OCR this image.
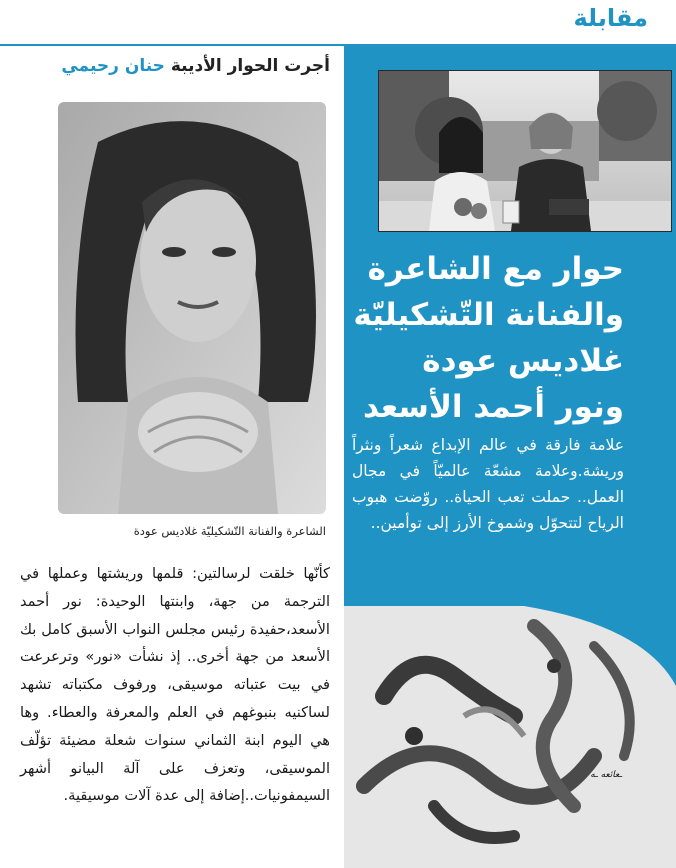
مقابلة
أجرت الحوار الأديبة حنان رحيمي
حوار مع الشاعرة
والفنانة التّشكيليّة
غلاديس عودة
ونور أحمد الأسعد
علامة فارقة في عالم الإبداع شعراً ونثراً وريشة.وعلامة مشعّة عالميّاً في مجال العمل.. حملت تعب الحياة.. روّضت هبوب الرياح لتتحوّل وشموخ الأرز إلى توأمين..
ـعائعه ـه
الشاعرة والفنانة التّشكيليّة غلاديس عودة
كأنّها خلقت لرسالتين: قلمها وريشتها وعملها في الترجمة من جهة، وابنتها الوحيدة: نور أحمد الأسعد،حفيدة رئيس مجلس النواب الأسبق كامل بك الأسعد من جهة أخرى.. إذ نشأت «نور» وترعرعت في بيت عتباته موسيقى، ورفوف مكتباته تشهد لساكنيه بنبوغهم في العلم والمعرفة والعطاء. وها هي اليوم ابنة الثماني سنوات شعلة مضيئة تؤلّف الموسيقى، وتعزف على آلة البيانو أشهر السيمفونيات..إضافة إلى عدة آلات موسيقية.
